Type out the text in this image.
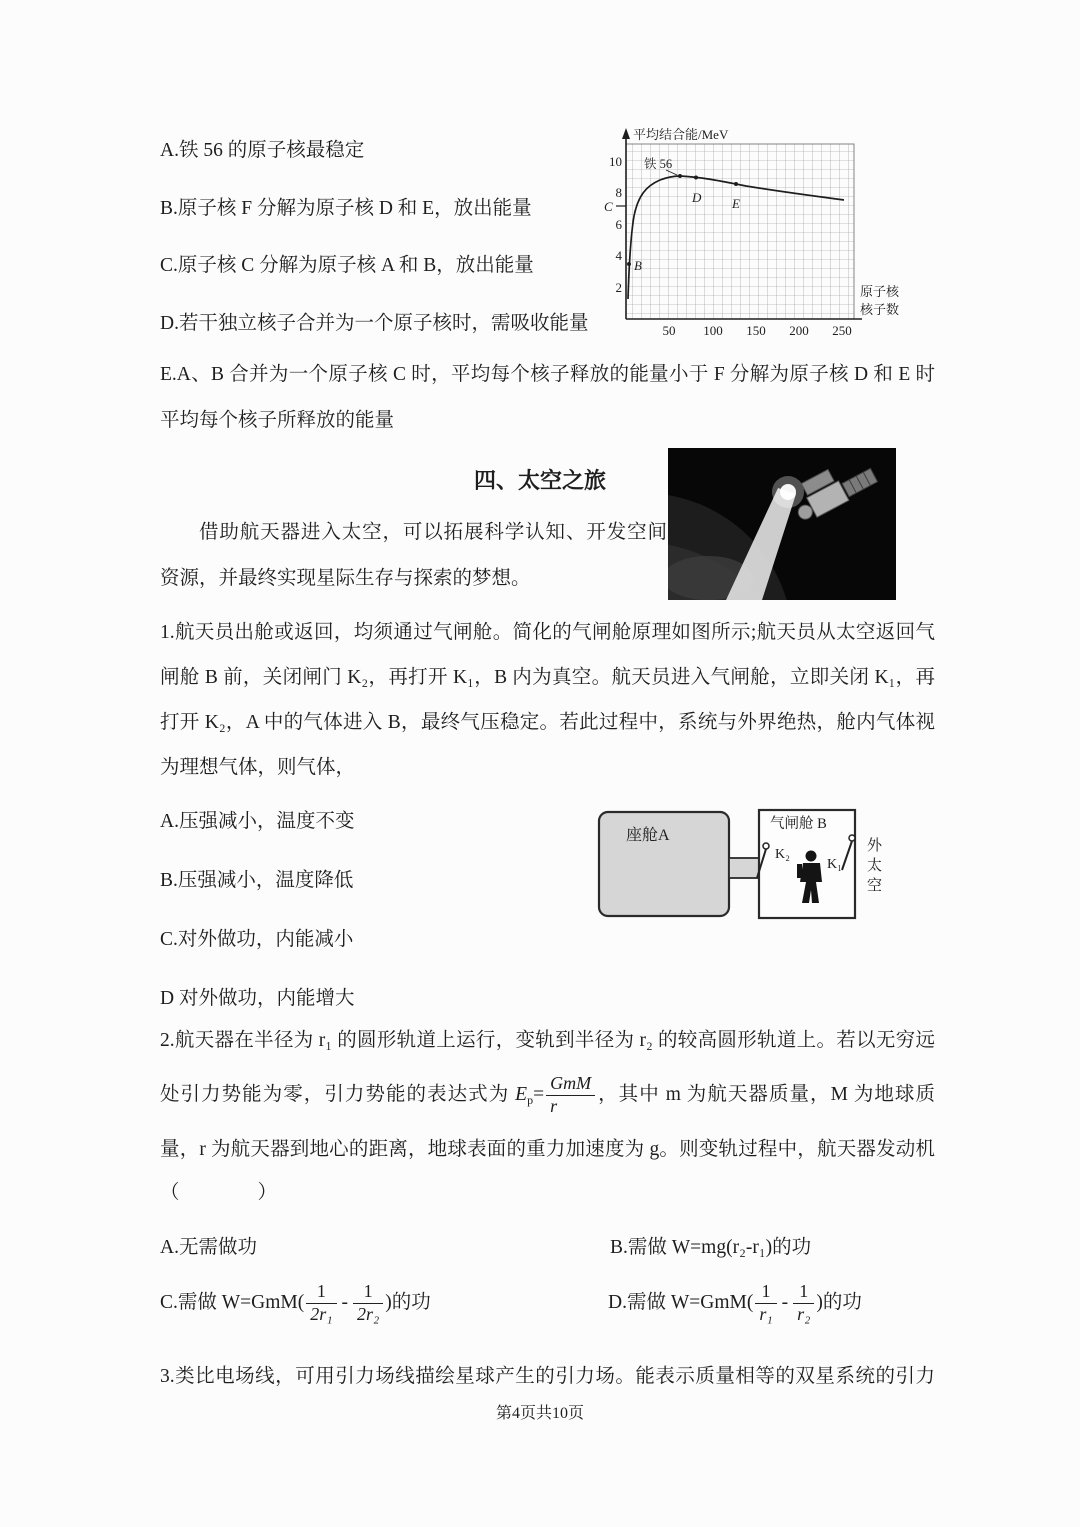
A.铁 56 的原子核最稳定
B.原子核 F 分解为原子核 D 和 E，放出能量
C.原子核 C 分解为原子核 A 和 B，放出能量
D.若干独立核子合并为一个原子核时，需吸收能量
10
8
6
4
2
50 100 150 200 250
平均结合能/MeV
原子核
核子数
铁 56
C
D E
B
E.A、B 合并为一个原子核 C 时，平均每个核子释放的能量小于 F 分解为原子核 D 和 E 时
平均每个核子所释放的能量
四、太空之旅
借助航天器进入太空，可以拓展科学认知、开发空间
资源，并最终实现星际生存与探索的梦想。
1.航天员出舱或返回，均须通过气闸舱。简化的气闸舱原理如图所示;航天员从太空返回气
闸舱 B 前，关闭闸门 K₂，再打开 K₁，B 内为真空。航天员进入气闸舱，立即关闭 K₁，再
打开 K₂，A 中的气体进入 B，最终气压稳定。若此过程中，系统与外界绝热，舱内气体视
为理想气体，则气体，
A.压强减小，温度不变
B.压强减小，温度降低
C.对外做功，内能减小
D 对外做功，内能增大
座舱A
气闸舱 B
K₂
K₁
外
太
空
2.航天器在半径为 r₁ 的圆形轨道上运行，变轨到半径为 r₂ 的较高圆形轨道上。若以无穷远
处引力势能为零，引力势能的表达式为 $E_p= \frac{\text{GmM}}{r}$ ，其中 m 为航天器质量，M 为地球质
量，r 为航天器到地心的距离，地球表面的重力加速度为 g。则变轨过程中，航天器发动机
（　　　　）
A.无需做功	B.需做 W=mg(r₂-r₁)的功
C.需做 $W=GmM( \frac{1}{\text{2r₁}} - \frac{1}{\text{2r₂}}$ )的功	D.需做 $W=GmM( \frac{1}{\text{r₁}} - \frac{1}{\text{r₂}}$ )的功
3.类比电场线，可用引力场线描绘星球产生的引力场。能表示质量相等的双星系统的引力
第4页共10页
